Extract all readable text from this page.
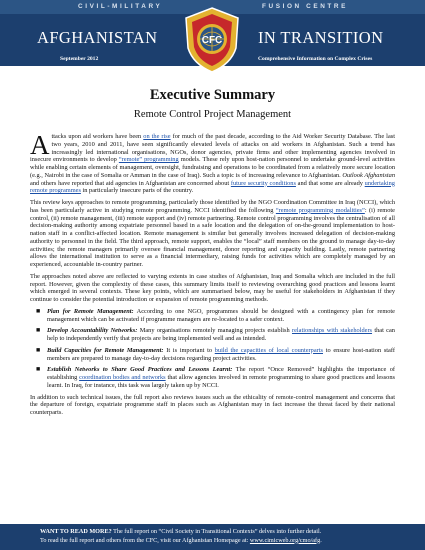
CIVIL-MILITARY	FUSION CENTRE
AFGHANISTAN	IN TRANSITION
September 2012	Comprehensive Information on Complex Crises
CFC
Executive Summary
Remote Control Project Management

Attacks upon aid workers have been on the rise for much of the past decade, according to the Aid Worker Security Database. The last two years, 2010 and 2011, have seen significantly elevated levels of attacks on aid workers in Afghanistan. Such a trend has increasingly led international organisations, NGOs, donor agencies, private firms and other implementing agencies involved in insecure environments to develop “remote” programming models. These rely upon host-nation personnel to undertake ground-level activities while enabling certain elements of management, oversight, fundraising and operations to be coordinated from a relatively more secure location (e.g., Nairobi in the case of Somalia or Amman in the case of Iraq). Such a topic is of increasing relevance to Afghanistan. Outlook Afghanistan and others have reported that aid agencies in Afghanistan are concerned about future security conditions and that some are already undertaking remote programmes in particularly insecure parts of the country.

This review keys approaches to remote programming, particularly those identified by the NGO Coordination Committee in Iraq (NCCI), which has been particularly active in studying remote programming. NCCI identified the following “remote programming modalities”: (i) remote control, (ii) remote management, (iii) remote support and (iv) remote partnering. Remote control programming involves the centralisation of all decision-making authority among expatriate personnel based in a safe location and the delegation of on-the-ground implementation to host-nation staff in a conflict-affected location. Remote management is similar but generally involves increased delegation of decision-making authority to personnel in the field. The third approach, remote support, enables the “local” staff members on the ground to manage day-to-day activities; the remote managers primarily oversee financial management, donor reporting and capacity building. Lastly, remote partnering allows the international institution to serve as a financial intermediary, raising funds for activities which are completely managed by an experienced, accountable in-country partner.

The approaches noted above are reflected to varying extents in case studies of Afghanistan, Iraq and Somalia which are included in the full report. However, given the complexity of these cases, this summary limits itself to reviewing overarching good practices and lessons learnt which emerged in several contexts. These key points, which are summarised below, may be useful for stakeholders in Afghanistan if they continue to consider the potential introduction or expansion of remote programming methods.

■ Plan for Remote Management: According to one NGO, programmes should be designed with a contingency plan for remote management which can be activated if programme managers are re-located to a safer context.
■ Develop Accountability Networks: Many organisations remotely managing projects establish relationships with stakeholders that can help to independently verify that projects are being implemented well and as intended.
■ Build Capacities for Remote Management: It is important to build the capacities of local counterparts to ensure host-nation staff members are prepared to manage day-to-day decisions regarding project activities.
■ Establish Networks to Share Good Practices and Lessons Learnt: The report “Once Removed” highlights the importance of establishing coordination bodies and networks that allow agencies involved in remote programming to share good practices and lessons learnt. In Iraq, for instance, this task was largely taken up by NCCI.

In addition to such technical issues, the full report also reviews issues such as the ethicality of remote-control management and concerns that the departure of foreign, expatriate programme staff in places such as Afghanistan may in fact increase the threat faced by their national counterparts.

WANT TO READ MORE? The full report on “Civil Society in Transitional Contexts” delves into further detail.
To read the full report and others from the CFC, visit our Afghanistan Homepage at: www.cimicweb.org/cmo/afg.
